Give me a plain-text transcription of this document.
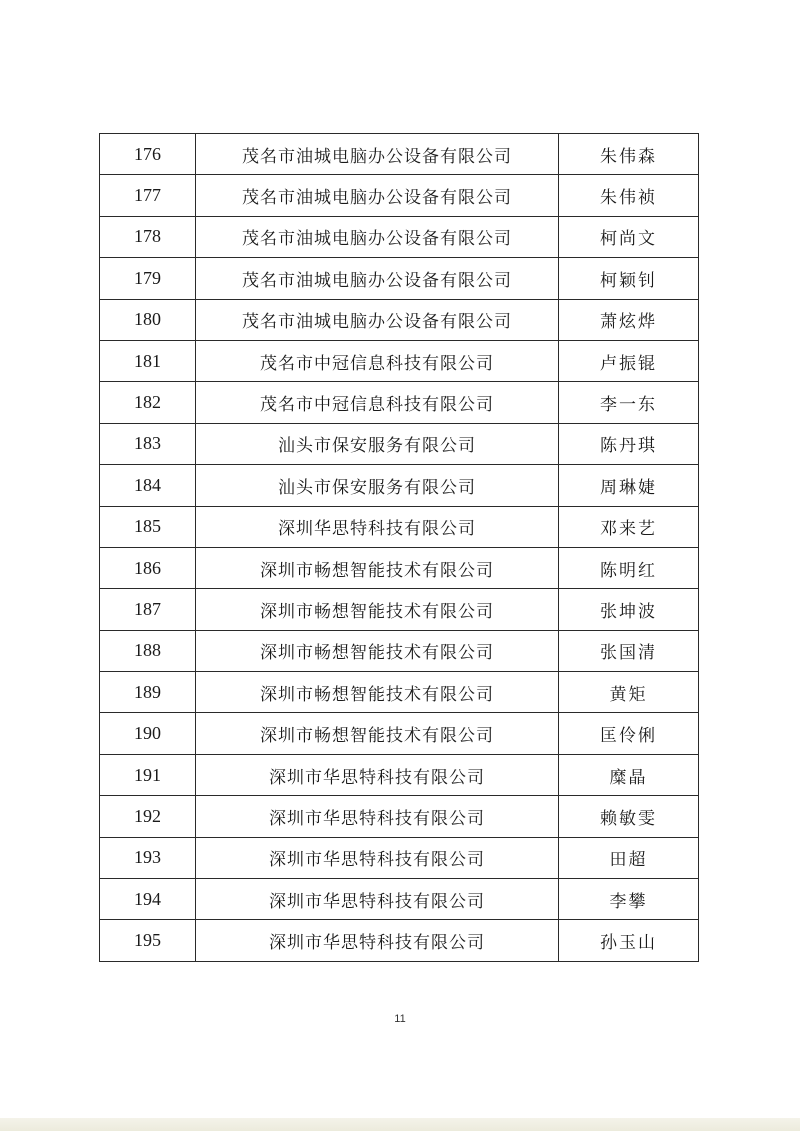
176	茂名市油城电脑办公设备有限公司	朱伟森
177	茂名市油城电脑办公设备有限公司	朱伟祯
178	茂名市油城电脑办公设备有限公司	柯尚文
179	茂名市油城电脑办公设备有限公司	柯颖钊
180	茂名市油城电脑办公设备有限公司	萧炫烨
181	茂名市中冠信息科技有限公司	卢振锟
182	茂名市中冠信息科技有限公司	李一东
183	汕头市保安服务有限公司	陈丹琪
184	汕头市保安服务有限公司	周琳婕
185	深圳华思特科技有限公司	邓来艺
186	深圳市畅想智能技术有限公司	陈明红
187	深圳市畅想智能技术有限公司	张坤波
188	深圳市畅想智能技术有限公司	张国清
189	深圳市畅想智能技术有限公司	黄矩
190	深圳市畅想智能技术有限公司	匡伶俐
191	深圳市华思特科技有限公司	糜晶
192	深圳市华思特科技有限公司	赖敏雯
193	深圳市华思特科技有限公司	田超
194	深圳市华思特科技有限公司	李攀
195	深圳市华思特科技有限公司	孙玉山
11
